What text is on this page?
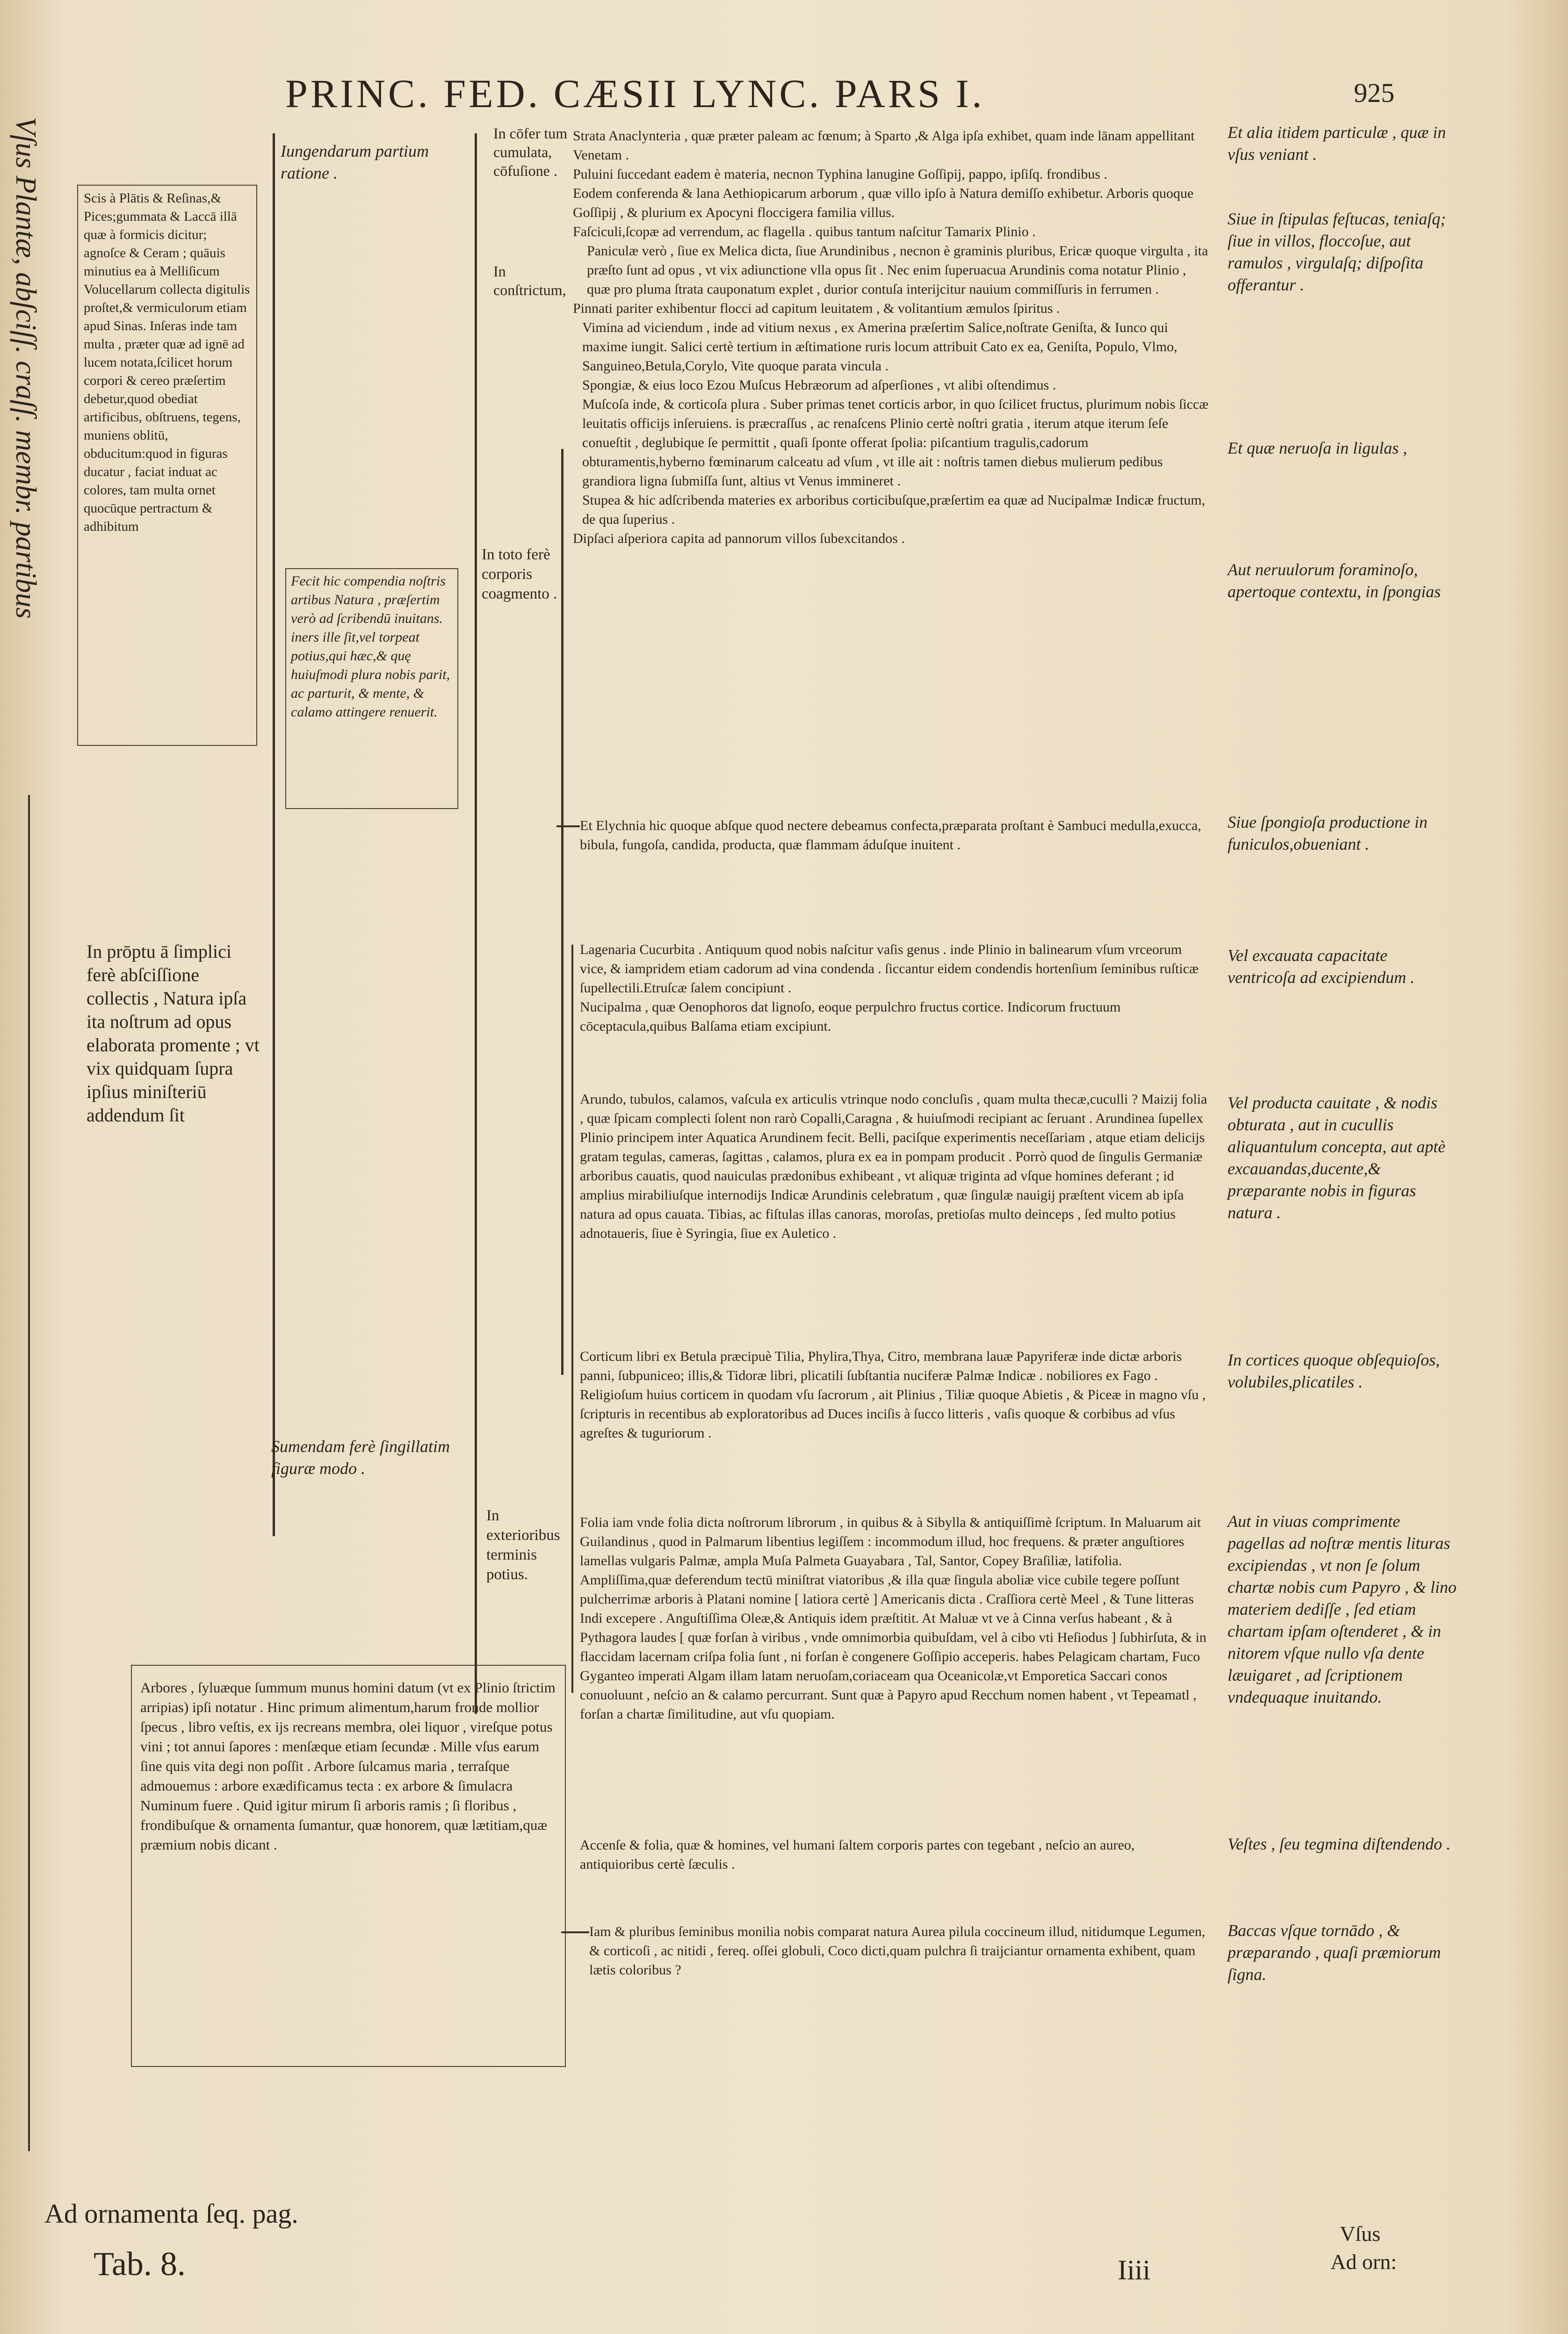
PRINC. FED. CÆSII LYNC. PARS I.	925
Vſus Plantæ, abſciſſ. craſſ. membr. partibus	Scis à Plātis & Reſinas,& Pices;gummata & Laccā illā quæ à formicis dicitur; agnoſce & Ceram ; quāuis minutius ea à Melliſicum Volucellarum collecta digitulis proſtet,& vermiculorum etiam apud Sinas. Inſeras inde tam multa , præter quæ ad ignē ad lucem notata,ſcilicet horum corpori & cereo præſertim debetur,quod obediat artificibus, obſtruens, tegens, muniens oblitū, obducitum:quod in figuras ducatur , faciat induat ac colores, tam multa ornet quocūque pertractum & adhibitum
In prōptu ā ſimplici ferè abſciſſione collectis , Natura ipſa ita noſtrum ad opus elaborata promente ; vt vix quidquam ſupra ipſius miniſteriū addendum ſit
Arbores , ſyluæque ſummum munus homini datum (vt ex Plinio ſtrictim arripias) ipſi notatur . Hinc primum alimentum,harum fronde mollior ſpecus , libro veſtis, ex ijs recreans membra, olei liquor , vireſque potus vini ; tot annui ſapores : menſæque etiam ſecundæ . Mille vſus earum ſine quis vita degi non poſſit . Arbore ſulcamus maria , terraſque admouemus : arbore exædificamus tecta : ex arbore & ſimulacra Numinum fuere . Quid igitur mirum ſi arboris ramis ; ſi floribus , frondibuſque & ornamenta ſumantur, quæ honorem, quæ lætitiam,quæ præmium nobis dicant .
Iungendarum partium ratione .
In cōfer tum cumulata, cōfuſione .
In conſtrictum,
Fecit hic compendia noſtris artibus Natura , præſertim verò ad ſcribendū inuitans. iners ille ſit,vel torpeat potius,qui hæc,& quę huiuſmodi plura nobis parit, ac parturit, & mente, & calamo attingere renuerit.
In toto ferè corporis coagmento .
Sumendam ferè ſingillatim figuræ modo .
In exterioribus terminis potius.

Strata Anaclynteria , quæ præter paleam ac fœnum; à Sparto ,& Alga ipſa exhibet, quam inde lānam appellitant Venetam .

Puluini ſuccedant eadem è materia, necnon Typhina lanugine Goſſipij, pappo, ipſiſq. frondibus .

Eodem conferenda & lana Aethiopicarum arborum , quæ villo ipſo à Natura demiſſo exhibetur. Arboris quoque Goſſipij , & plurium ex Apocyni floccigera familia villus.

Faſciculi,ſcopæ ad verrendum, ac flagella . quibus tantum naſcitur Tamarix Plinio .

Paniculæ verò , ſiue ex Melica dicta, ſiue Arundinibus , necnon è graminis pluribus, Ericæ quoque virgulta , ita præſto ſunt ad opus , vt vix adiunctione vlla opus ſit . Nec enim ſuperuacua Arundinis coma notatur Plinio , quæ pro pluma ſtrata cauponatum explet , durior contuſa interijcitur nauium commiſſuris in ferrumen .

Pinnati pariter exhibentur flocci ad capitum leuitatem , & volitantium æmulos ſpiritus .

Vimina ad viciendum , inde ad vitium nexus , ex Amerina præſertim Salice,noſtrate Geniſta, & Iunco qui maxime iungit. Salici certè tertium in æſtimatione ruris locum attribuit Cato ex ea, Geniſta, Populo, Vlmo, Sanguineo,Betula,Corylo, Vite quoque parata vincula .

Spongiæ, & eius loco Ezou Muſcus Hebræorum ad aſperſiones , vt alibi oſtendimus .

Muſcoſa inde, & corticoſa plura . Suber primas tenet corticis arbor, in quo ſcilicet fructus, plurimum nobis ſiccæ leuitatis officijs inſeruiens. is præcraſſus , ac renaſcens Plinio certè noſtri gratia , iterum atque iterum ſeſe conueſtit , deglubique ſe permittit , quaſi ſponte offerat ſpolia: piſcantium tragulis,cadorum obturamentis,hyberno fœminarum calceatu ad vſum , vt ille ait : noſtris tamen diebus mulierum pedibus grandiora ligna ſubmiſſa ſunt, altius vt Venus immineret .

Stupea & hic adſcribenda materies ex arboribus corticibuſque,præſertim ea quæ ad Nucipalmæ Indicæ fructum, de qua ſuperius .

Dipſaci aſperiora capita ad pannorum villos ſubexcitandos .

Et Elychnia hic quoque abſque quod nectere debeamus confecta,præparata proſtant è Sambuci medulla,exucca, bibula, fungoſa, candida, producta, quæ flammam áduſque inuitent .

Lagenaria Cucurbita . Antiquum quod nobis naſcitur vaſis genus . inde Plinio in balinearum vſum vrceorum vice, & iampridem etiam cadorum ad vina condenda . ſiccantur eidem condendis hortenſium ſeminibus ruſticæ ſupellectili.Etruſcæ ſalem concipiunt .

Nucipalma , quæ Oenophoros dat lignoſo, eoque perpulchro fructus cortice. Indicorum fructuum cōceptacula,quibus Balſama etiam excipiunt.

Arundo, tubulos, calamos, vaſcula ex articulis vtrinque nodo concluſis , quam multa thecæ,cuculli ? Maizij folia , quæ ſpicam complecti ſolent non rarò Copalli,Caragna , & huiuſmodi recipiant ac ſeruant . Arundinea ſupellex Plinio principem inter Aquatica Arundinem fecit. Belli, paciſque experimentis neceſſariam , atque etiam delicijs gratam tegulas, cameras, ſagittas , calamos, plura ex ea in pompam producit . Porrò quod de ſingulis Germaniæ arboribus cauatis, quod nauiculas prædonibus exhibeant , vt aliquæ triginta ad vſque homines deferant ; id amplius mirabiliuſque internodijs Indicæ Arundinis celebratum , quæ ſingulæ nauigij præſtent vicem ab ipſa natura ad opus cauata. Tibias, ac fiſtulas illas canoras, moroſas, pretioſas multo deinceps , ſed multo potius adnotaueris, ſiue è Syringia, ſiue ex Auletico .
Corticum libri ex Betula præcipuè Tilia, Phylira,Thya, Citro, membrana lauæ Papyriferæ inde dictæ arboris panni, ſubpuniceo; illis,& Tidoræ libri, plicatili ſubſtantia nuciferæ Palmæ Indicæ . nobiliores ex Fago . Religioſum huius corticem in quodam vſu ſacrorum , ait Plinius , Tiliæ quoque Abietis , & Piceæ in magno vſu , ſcripturis in recentibus ab exploratoribus ad Duces inciſis à ſucco litteris , vaſis quoque & corbibus ad vſus agreſtes & tuguriorum .
Folia iam vnde folia dicta noſtrorum librorum , in quibus & à Sibylla & antiquiſſimè ſcriptum. In Maluarum ait Guilandinus , quod in Palmarum libentius legiſſem : incommodum illud, hoc frequens. & præter anguſtiores lamellas vulgaris Palmæ, ampla Muſa Palmeta Guayabara , Tal, Santor, Copey Braſiliæ, latifolia. Ampliſſima,quæ deferendum tectū miniſtrat viatoribus ,& illa quæ ſingula aboliæ vice cubile tegere poſſunt pulcherrimæ arboris à Platani nomine [ latiora certè ] Americanis dicta . Craſſiora certè Meel , & Tune litteras Indi excepere . Anguſtiſſima Oleæ,& Antiquis idem præſtitit. At Maluæ vt ve à Cinna verſus habeant , & à Pythagora laudes [ quæ forſan à viribus , vnde omnimorbia quibuſdam, vel à cibo vti Heſiodus ] ſubhirſuta, & in flaccidam lacernam criſpa folia ſunt , ni forſan è congenere Goſſipio acceperis. habes Pelagicam chartam, Fuco Gyganteo imperati Algam illam latam neruoſam,coriaceam qua Oceanicolæ,vt Emporetica Saccari conos conuoluunt , neſcio an & calamo percurrant. Sunt quæ à Papyro apud Recchum nomen habent , vt Tepeamatl , forſan a chartæ ſimilitudine, aut vſu quopiam.
Accenſe & folia, quæ & homines, vel humani ſaltem corporis partes con tegebant , neſcio an aureo, antiquioribus certè ſæculis .
Iam & pluribus ſeminibus monilia nobis comparat natura Aurea pilula coccineum illud, nitidumque Legumen, & corticoſi , ac nitidi , fereq. oſſei globuli, Coco dicti,quam pulchra ſi traijciantur ornamenta exhibent, quam lætis coloribus ?
Et alia itidem particulæ , quæ in vſus veniant .
Siue in ſtipulas feſtucas, teniaſq; ſiue in villos, floccoſue, aut ramulos , virgulaſq; diſpoſita offerantur .
Et quæ neruoſa in ligulas ,
Aut neruulorum foraminoſo, apertoque contextu, in ſpongias
Siue ſpongioſa productione in funiculos,obueniant .
Vel excauata capacitate ventricoſa ad excipiendum .
Vel producta cauitate , & nodis obturata , aut in cucullis aliquantulum concepta, aut aptè excauandas,ducente,& præparante nobis in figuras natura .
In cortices quoque obſequioſos, volubiles,plicatiles .
Aut in viuas comprimente pagellas ad noſtræ mentis lituras excipiendas , vt non ſe ſolum chartæ nobis cum Papyro , & lino materiem dediſſe , ſed etiam chartam ipſam oſtenderet , & in nitorem vſque nullo vſa dente læuigaret , ad ſcriptionem vndequaque inuitando.
Veſtes , ſeu tegmina diſtendendo .
Baccas vſque tornādo , & præparando , quaſi præmiorum ſigna.
Ad ornamenta ſeq. pag.
Tab. 8.	Iiii
Vſus
Ad orn:
